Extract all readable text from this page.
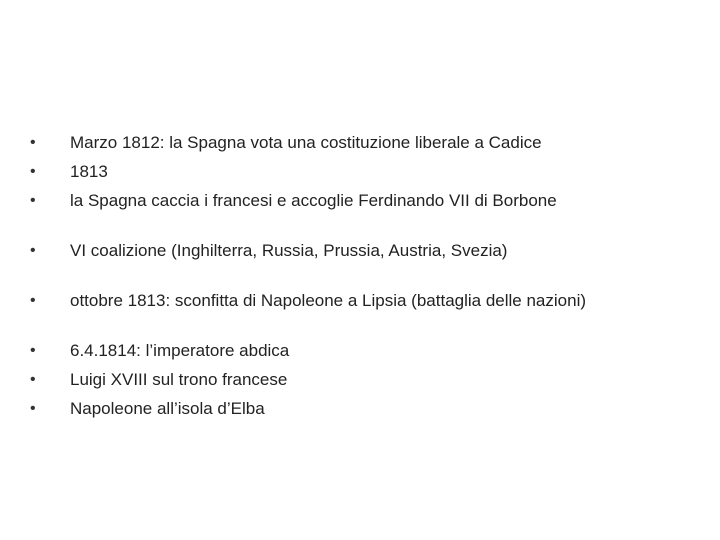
• Marzo 1812: la Spagna vota una costituzione liberale a Cadice
• 1813
• la Spagna caccia i francesi e accoglie Ferdinando VII di Borbone
• VI coalizione (Inghilterra, Russia, Prussia, Austria, Svezia)
• ottobre 1813: sconfitta di Napoleone a Lipsia (battaglia delle nazioni)
• 6.4.1814: l’imperatore abdica
• Luigi XVIII sul trono francese
• Napoleone all’isola d’Elba
